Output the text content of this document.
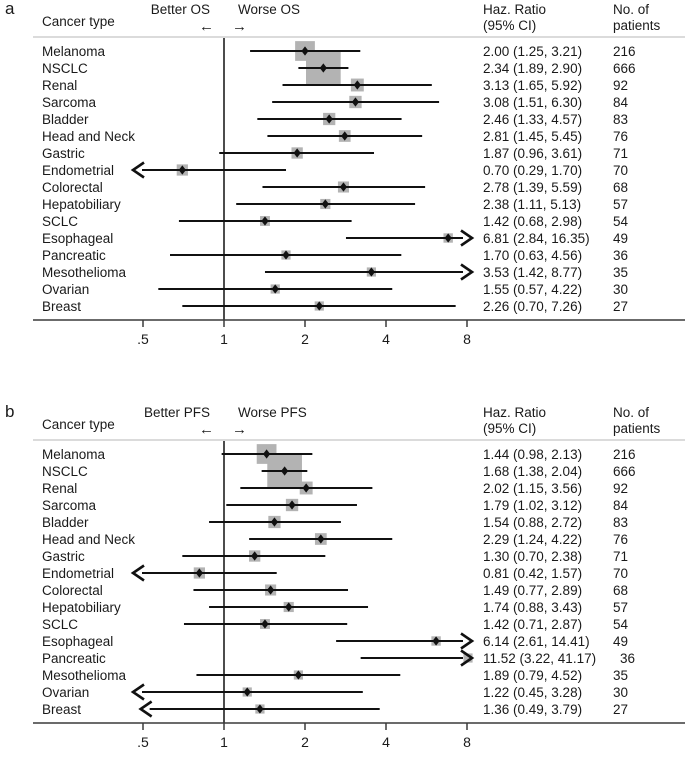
a
Cancer type
Better OS Worse OS	Haz. Ratio
(95% CI)
No. of
patients
← →
Melanoma	2.00 (1.25, 3.21) 216
NSCLC	2.34 (1.89, 2.90) 666
Renal	3.13 (1.65, 5.92) 92
Sarcoma	3.08 (1.51, 6.30) 84
Bladder	2.46 (1.33, 4.57) 83
Head and Neck	2.81 (1.45, 5.45) 76
Gastric	1.87 (0.96, 3.61) 71
Endometrial	0.70 (0.29, 1.70) 70
Colorectal	2.78 (1.39, 5.59) 68
Hepatobiliary	2.38 (1.11, 5.13) 57
SCLC	1.42 (0.68, 2.98) 54
Esophageal	6.81 (2.84, 16.35) 49
Pancreatic	1.70 (0.63, 4.56) 36
Mesothelioma	3.53 (1.42, 8.77) 35
Ovarian	1.55 (0.57, 4.22) 30
Breast	2.26 (0.70, 7.26) 27
.5	1	2	4	8
b
Cancer type
Better PFS Worse PFS	Haz. Ratio
(95% CI)
No. of
patients
← →
Melanoma	1.44 (0.98, 2.13) 216
NSCLC	1.68 (1.38, 2.04) 666
Renal	2.02 (1.15, 3.56) 92
Sarcoma	1.79 (1.02, 3.12) 84
Bladder	1.54 (0.88, 2.72) 83
Head and Neck	2.29 (1.24, 4.22) 76
Gastric	1.30 (0.70, 2.38) 71
Endometrial	0.81 (0.42, 1.57) 70
Colorectal	1.49 (0.77, 2.89) 68
Hepatobiliary	1.74 (0.88, 3.43) 57
SCLC	1.42 (0.71, 2.87) 54
Esophageal	6.14 (2.61, 14.41) 49
Pancreatic	11.52 (3.22, 41.17) 36
Mesothelioma	1.89 (0.79, 4.52) 35
Ovarian	1.22 (0.45, 3.28) 30
Breast	1.36 (0.49, 3.79) 27
.5	1	2	4	8
